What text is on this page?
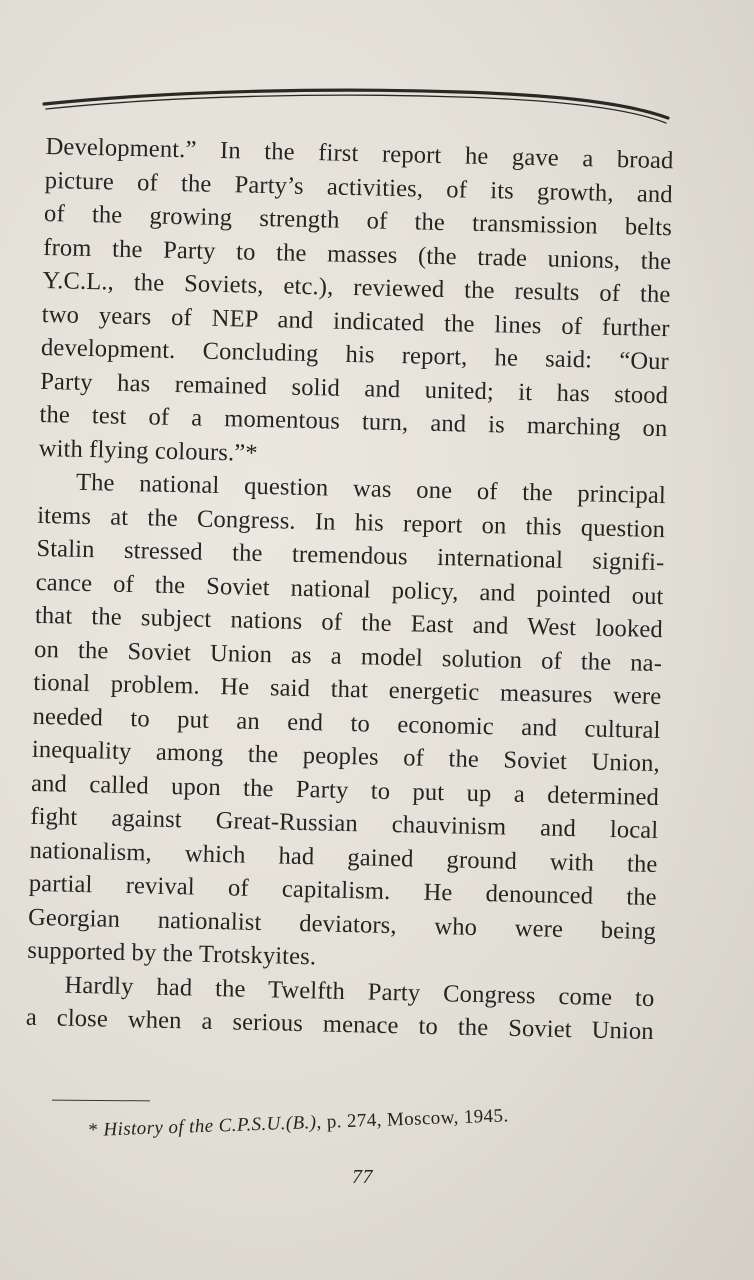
Development.” In the first report he gave a broad
picture of the Party’s activities, of its growth, and
of the growing strength of the transmission belts
from the Party to the masses (the trade unions, the
Y.C.L., the Soviets, etc.), reviewed the results of the
two years of NEP and indicated the lines of further
development. Concluding his report, he said: “Our
Party has remained solid and united; it has stood
the test of a momentous turn, and is marching on
with flying colours.”*
The national question was one of the principal
items at the Congress. In his report on this question
Stalin stressed the tremendous international signifi-
cance of the Soviet national policy, and pointed out
that the subject nations of the East and West looked
on the Soviet Union as a model solution of the na-
tional problem. He said that energetic measures were
needed to put an end to economic and cultural
inequality among the peoples of the Soviet Union,
and called upon the Party to put up a determined
fight against Great-Russian chauvinism and local
nationalism, which had gained ground with the
partial revival of capitalism. He denounced the
Georgian nationalist deviators, who were being
supported by the Trotskyites.
Hardly had the Twelfth Party Congress come to
a close when a serious menace to the Soviet Union
* History of the C.P.S.U.(B.), p. 274, Moscow, 1945.
77
